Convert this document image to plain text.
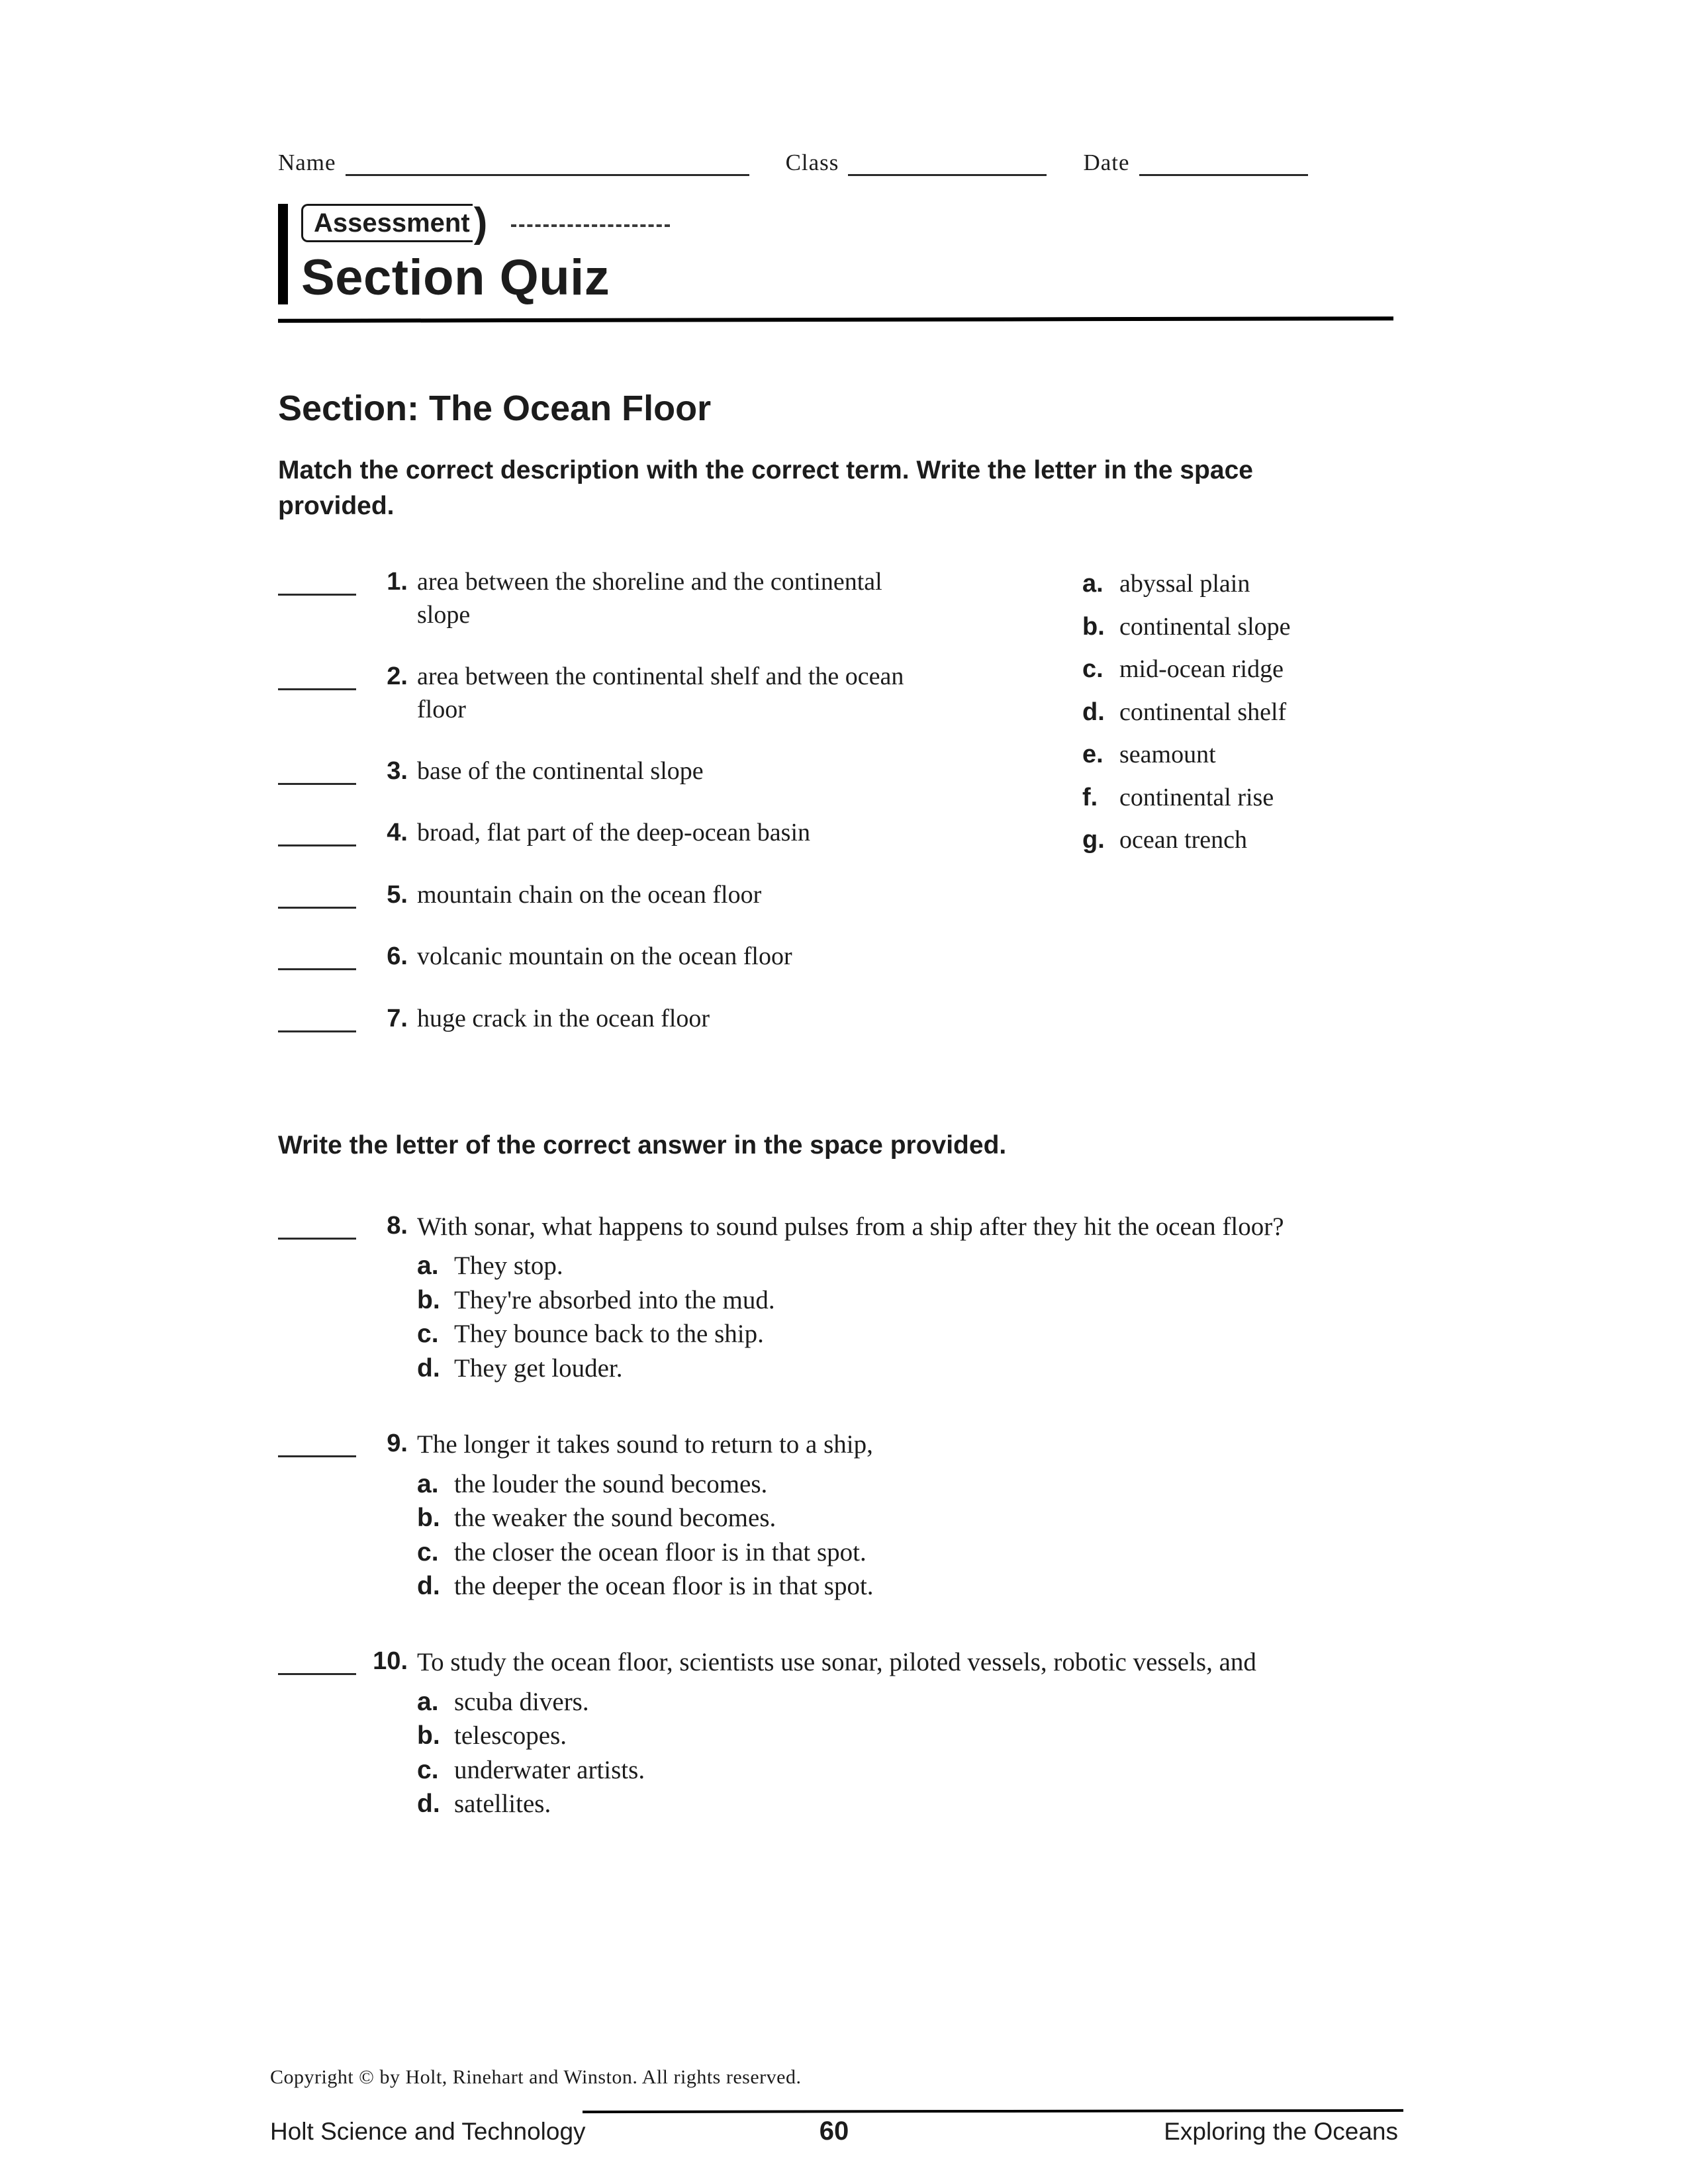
Name	Class	Date
Assessment )
Section Quiz
Section: The Ocean Floor
Match the correct description with the correct term. Write the letter in the space provided.
1. area between the shoreline and the continental slope
2. area between the continental shelf and the ocean floor
3. base of the continental slope
4. broad, flat part of the deep-ocean basin
5. mountain chain on the ocean floor
6. volcanic mountain on the ocean floor
7. huge crack in the ocean floor
a. abyssal plain
b. continental slope
c. mid-ocean ridge
d. continental shelf
e. seamount
f. continental rise
g. ocean trench
Write the letter of the correct answer in the space provided.
8. With sonar, what happens to sound pulses from a ship after they hit the ocean floor?
a. They stop.
b. They're absorbed into the mud.
c. They bounce back to the ship.
d. They get louder.
9. The longer it takes sound to return to a ship,
a. the louder the sound becomes.
b. the weaker the sound becomes.
c. the closer the ocean floor is in that spot.
d. the deeper the ocean floor is in that spot.
10. To study the ocean floor, scientists use sonar, piloted vessels, robotic vessels, and
a. scuba divers.
b. telescopes.
c. underwater artists.
d. satellites.
Copyright © by Holt, Rinehart and Winston. All rights reserved.
Holt Science and Technology	60	Exploring the Oceans
